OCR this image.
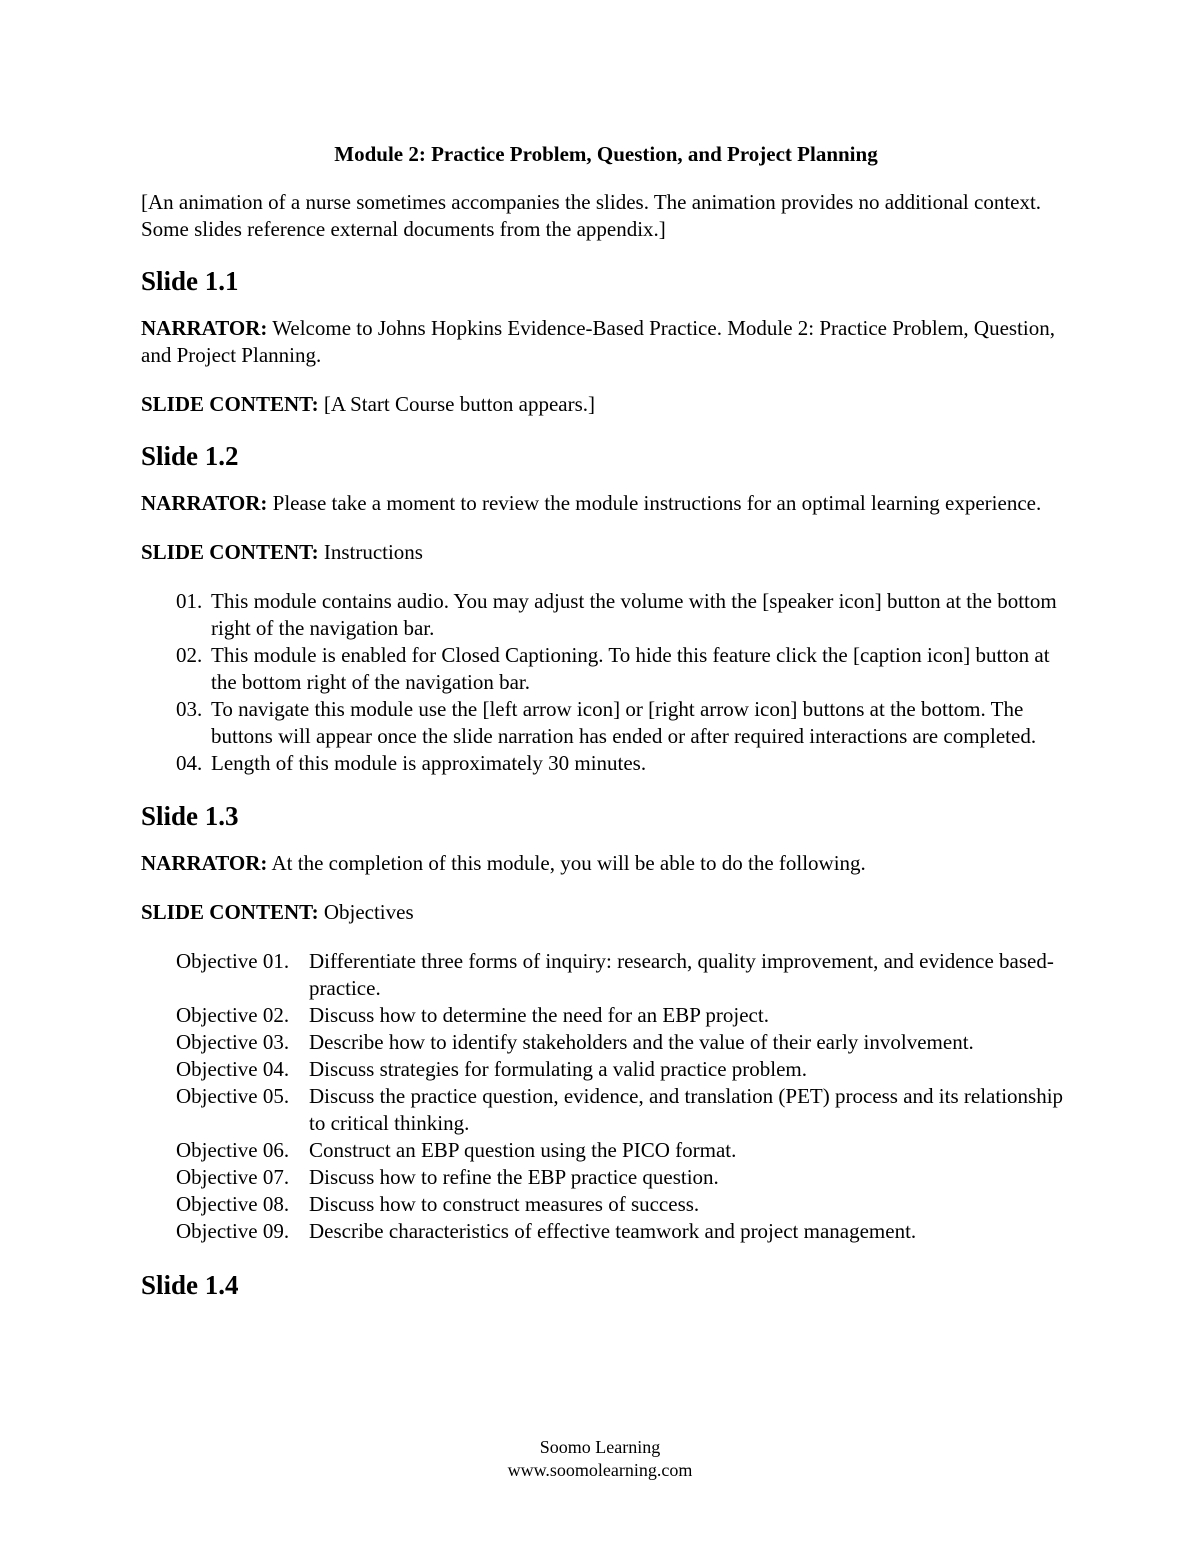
Module 2: Practice Problem, Question, and Project Planning
[An animation of a nurse sometimes accompanies the slides. The animation provides no additional context. Some slides reference external documents from the appendix.]
Slide 1.1
NARRATOR: Welcome to Johns Hopkins Evidence-Based Practice. Module 2: Practice Problem, Question, and Project Planning.
SLIDE CONTENT: [A Start Course button appears.]
Slide 1.2
NARRATOR: Please take a moment to review the module instructions for an optimal learning experience.
SLIDE CONTENT: Instructions
01. This module contains audio. You may adjust the volume with the [speaker icon] button at the bottom right of the navigation bar.
02. This module is enabled for Closed Captioning. To hide this feature click the [caption icon] button at the bottom right of the navigation bar.
03. To navigate this module use the [left arrow icon] or [right arrow icon] buttons at the bottom. The buttons will appear once the slide narration has ended or after required interactions are completed.
04. Length of this module is approximately 30 minutes.
Slide 1.3
NARRATOR: At the completion of this module, you will be able to do the following.
SLIDE CONTENT: Objectives
Objective 01. Differentiate three forms of inquiry: research, quality improvement, and evidence based-practice.
Objective 02. Discuss how to determine the need for an EBP project.
Objective 03. Describe how to identify stakeholders and the value of their early involvement.
Objective 04. Discuss strategies for formulating a valid practice problem.
Objective 05. Discuss the practice question, evidence, and translation (PET) process and its relationship to critical thinking.
Objective 06. Construct an EBP question using the PICO format.
Objective 07. Discuss how to refine the EBP practice question.
Objective 08. Discuss how to construct measures of success.
Objective 09. Describe characteristics of effective teamwork and project management.
Slide 1.4
Soomo Learning
www.soomolearning.com
